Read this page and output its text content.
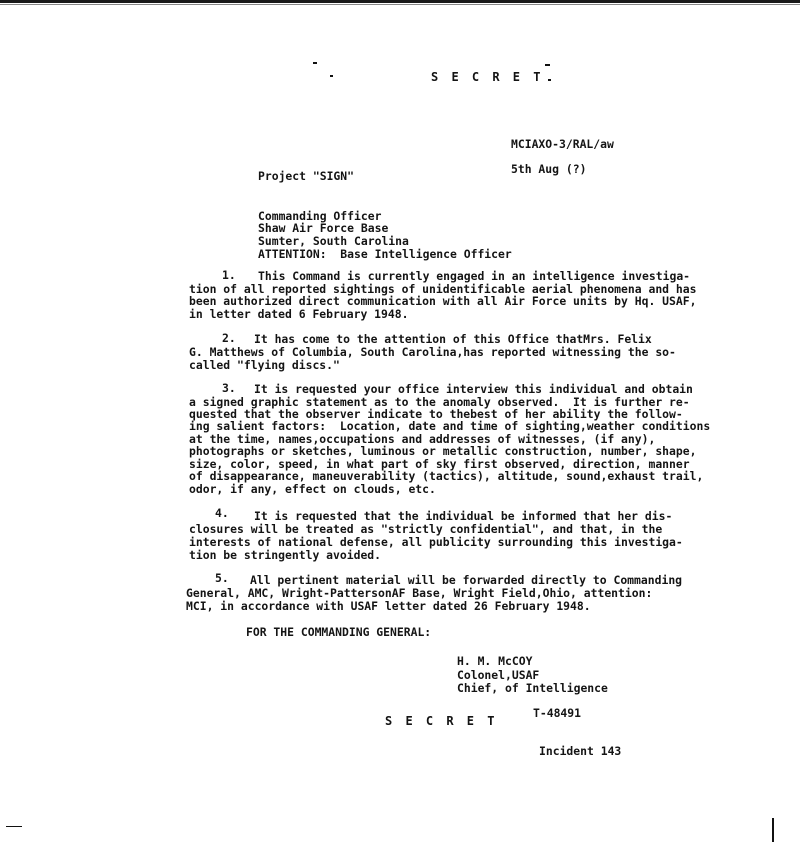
S E C R E T
MCIAXO-3/RAL/aw
5th Aug (?)
Project "SIGN"
Commanding Officer
Shaw Air Force Base
Sumter, South Carolina
ATTENTION:  Base Intelligence Officer
1. This Command is currently engaged in an intelligence investiga-
tion of all reported sightings of unidentificable aerial phenomena and has
been authorized direct communication with all Air Force units by Hq. USAF,
in letter dated 6 February 1948.
2. It has come to the attention of this Office thatMrs. Felix
G. Matthews of Columbia, South Carolina,has reported witnessing the so-
called "flying discs."
3. It is requested your office interview this individual and obtain
a signed graphic statement as to the anomaly observed.  It is further re-
quested that the observer indicate to thebest of her ability the follow-
ing salient factors:  Location, date and time of sighting,weather conditions
at the time, names,occupations and addresses of witnesses, (if any),
photographs or sketches, luminous or metallic construction, number, shape,
size, color, speed, in what part of sky first observed, direction, manner
of disappearance, maneuverability (tactics), altitude, sound,exhaust trail,
odor, if any, effect on clouds, etc.
4. It is requested that the individual be informed that her dis-
closures will be treated as "strictly confidential", and that, in the
interests of national defense, all publicity surrounding this investiga-
tion be stringently avoided.
5. All pertinent material will be forwarded directly to Commanding
General, AMC, Wright-PattersonAF Base, Wright Field,Ohio, attention:
MCI, in accordance with USAF letter dated 26 February 1948.
FOR THE COMMANDING GENERAL:
H. M. McCOY
Colonel,USAF
Chief, of Intelligence
T-48491
S E C R E T
Incident 143
